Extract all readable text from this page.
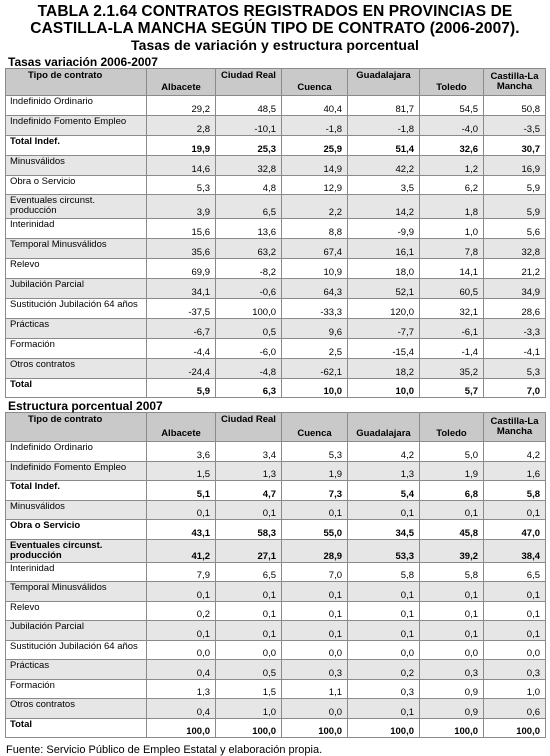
TABLA 2.1.64 CONTRATOS REGISTRADOS EN PROVINCIAS DE
CASTILLA-LA MANCHA SEGÚN TIPO DE CONTRATO (2006-2007).
Tasas de variación y estructura porcentual
Tasas variación 2006-2007
Tipo de contrato	Albacete	Ciudad Real	Cuenca	Guadalajara	Toledo	Castilla-La Mancha
Indefinido Ordinario	29,2	48,5	40,4	81,7	54,5	50,8
Indefinido Fomento Empleo	2,8	-10,1	-1,8	-1,8	-4,0	-3,5
Total Indef.	19,9	25,3	25,9	51,4	32,6	30,7
Minusválidos	14,6	32,8	14,9	42,2	1,2	16,9
Obra o Servicio	5,3	4,8	12,9	3,5	6,2	5,9
Eventuales circunst. producción	3,9	6,5	2,2	14,2	1,8	5,9
Interinidad	15,6	13,6	8,8	-9,9	1,0	5,6
Temporal Minusválidos	35,6	63,2	67,4	16,1	7,8	32,8
Relevo	69,9	-8,2	10,9	18,0	14,1	21,2
Jubilación Parcial	34,1	-0,6	64,3	52,1	60,5	34,9
Sustitución Jubilación 64 años	-37,5	100,0	-33,3	120,0	32,1	28,6
Prácticas	-6,7	0,5	9,6	-7,7	-6,1	-3,3
Formación	-4,4	-6,0	2,5	-15,4	-1,4	-4,1
Otros contratos	-24,4	-4,8	-62,1	18,2	35,2	5,3
Total	5,9	6,3	10,0	10,0	5,7	7,0
Estructura porcentual 2007
Tipo de contrato	Albacete	Ciudad Real	Cuenca	Guadalajara	Toledo	Castilla-La Mancha
Indefinido Ordinario	3,6	3,4	5,3	4,2	5,0	4,2
Indefinido Fomento Empleo	1,5	1,3	1,9	1,3	1,9	1,6
Total Indef.	5,1	4,7	7,3	5,4	6,8	5,8
Minusválidos	0,1	0,1	0,1	0,1	0,1	0,1
Obra o Servicio	43,1	58,3	55,0	34,5	45,8	47,0
Eventuales circunst. producción	41,2	27,1	28,9	53,3	39,2	38,4
Interinidad	7,9	6,5	7,0	5,8	5,8	6,5
Temporal Minusválidos	0,1	0,1	0,1	0,1	0,1	0,1
Relevo	0,2	0,1	0,1	0,1	0,1	0,1
Jubilación Parcial	0,1	0,1	0,1	0,1	0,1	0,1
Sustitución Jubilación 64 años	0,0	0,0	0,0	0,0	0,0	0,0
Prácticas	0,4	0,5	0,3	0,2	0,3	0,3
Formación	1,3	1,5	1,1	0,3	0,9	1,0
Otros contratos	0,4	1,0	0,0	0,1	0,9	0,6
Total	100,0	100,0	100,0	100,0	100,0	100,0
Fuente: Servicio Público de Empleo Estatal y elaboración propia.
